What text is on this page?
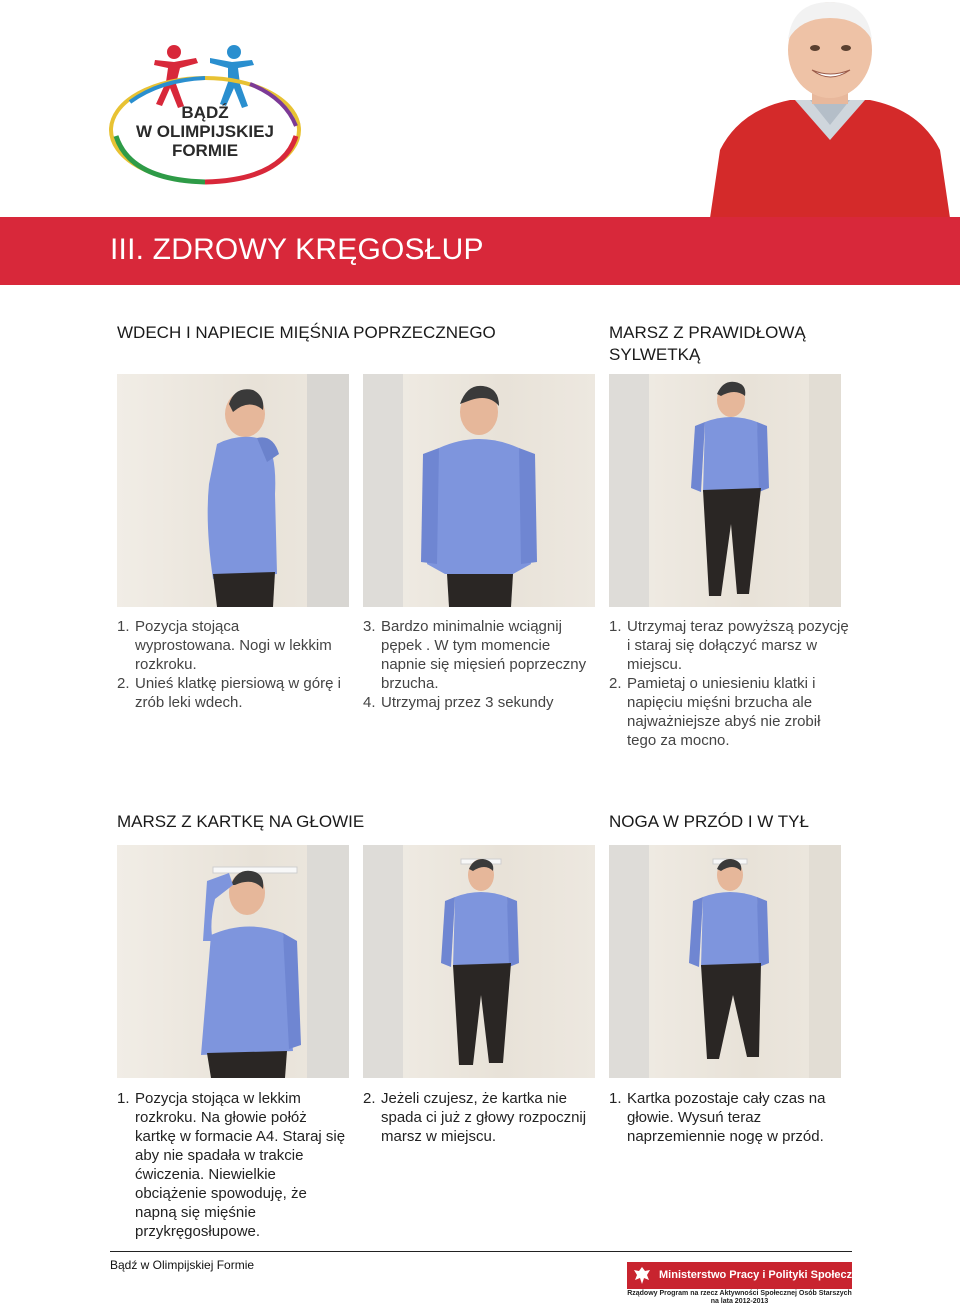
BĄDŹ
W OLIMPIJSKIEJ
FORMIE
III. ZDROWY KRĘGOSŁUP
WDECH I NAPIECIE MIĘŚNIA POPRZECZNEGO
1. Pozycja stojąca wyprostowana. Nogi w lekkim rozkroku.
2. Unieś klatkę piersiową w górę i zrób leki wdech.
3. Bardzo minimalnie wciągnij pępek . W tym momencie napnie się mięsień poprzeczny brzucha.
4. Utrzymaj przez 3 sekundy
MARSZ Z PRAWIDŁOWĄ SYLWETKĄ
1. Utrzymaj teraz powyższą pozycję i staraj się dołączyć marsz w miejscu.
2. Pamietaj o uniesieniu klatki i napięciu mięśni brzucha ale najważniejsze abyś nie zrobił tego za mocno.
MARSZ Z KARTKĘ NA GŁOWIE
1. Pozycja stojąca w lekkim rozkroku. Na głowie połóż kartkę w formacie A4. Staraj się aby nie spadała w trakcie ćwiczenia. Niewielkie obciążenie spowoduję, że napną się mięśnie przykręgosłupowe.
2. Jeżeli czujesz, że kartka nie spada ci już z głowy rozpocznij marsz w miejscu.
NOGA W PRZÓD I W TYŁ
1. Kartka pozostaje cały czas na głowie. Wysuń teraz naprzemiennie nogę w przód.
Bądź w Olimpijskiej Formie
Ministerstwo Pracy i Polityki Społecznej
Rządowy Program na rzecz Aktywności Społecznej Osób Starszych
na lata 2012-2013
